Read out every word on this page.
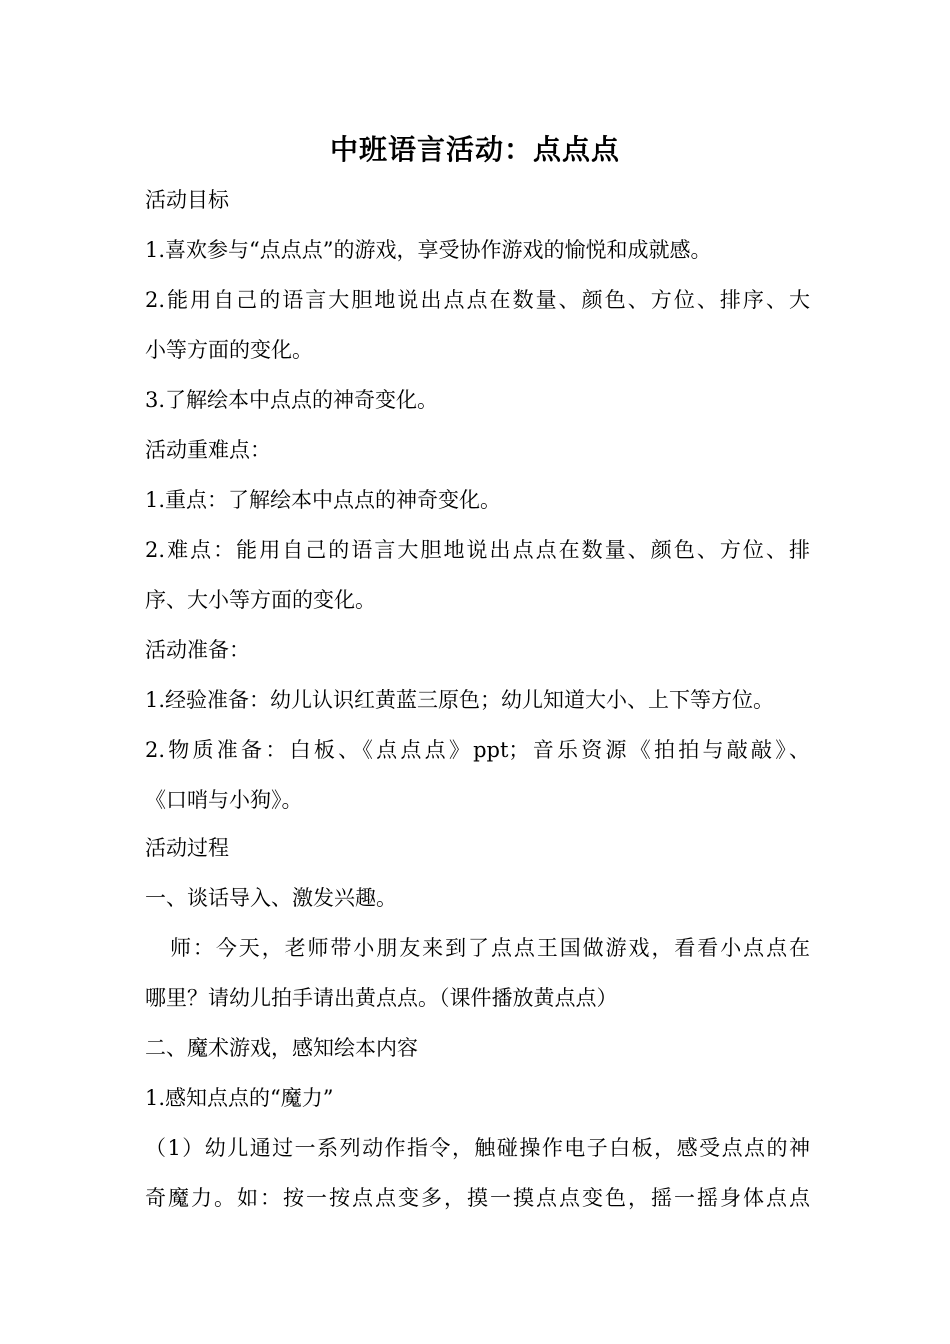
中班语言活动：点点点
活动目标
1.喜欢参与“点点点”的游戏，享受协作游戏的愉悦和成就感。
2.能用自己的语言大胆地说出点点在数量、颜色、方位、排序、大
小等方面的变化。
3.了解绘本中点点的神奇变化。
活动重难点：
1.重点：了解绘本中点点的神奇变化。
2.难点：能用自己的语言大胆地说出点点在数量、颜色、方位、排
序、大小等方面的变化。
活动准备：
1.经验准备：幼儿认识红黄蓝三原色；幼儿知道大小、上下等方位。
2.物质准备：白板、《点点点》ppt；音乐资源《拍拍与敲敲》、
《口哨与小狗》。
活动过程
一、谈话导入、激发兴趣。
师：今天，老师带小朋友来到了点点王国做游戏，看看小点点在
哪里？请幼儿拍手请出黄点点。（课件播放黄点点）
二、魔术游戏，感知绘本内容
1.感知点点的“魔力”
（1）幼儿通过一系列动作指令，触碰操作电子白板，感受点点的神
奇魔力。如：按一按点点变多，摸一摸点点变色，摇一摇身体点点
